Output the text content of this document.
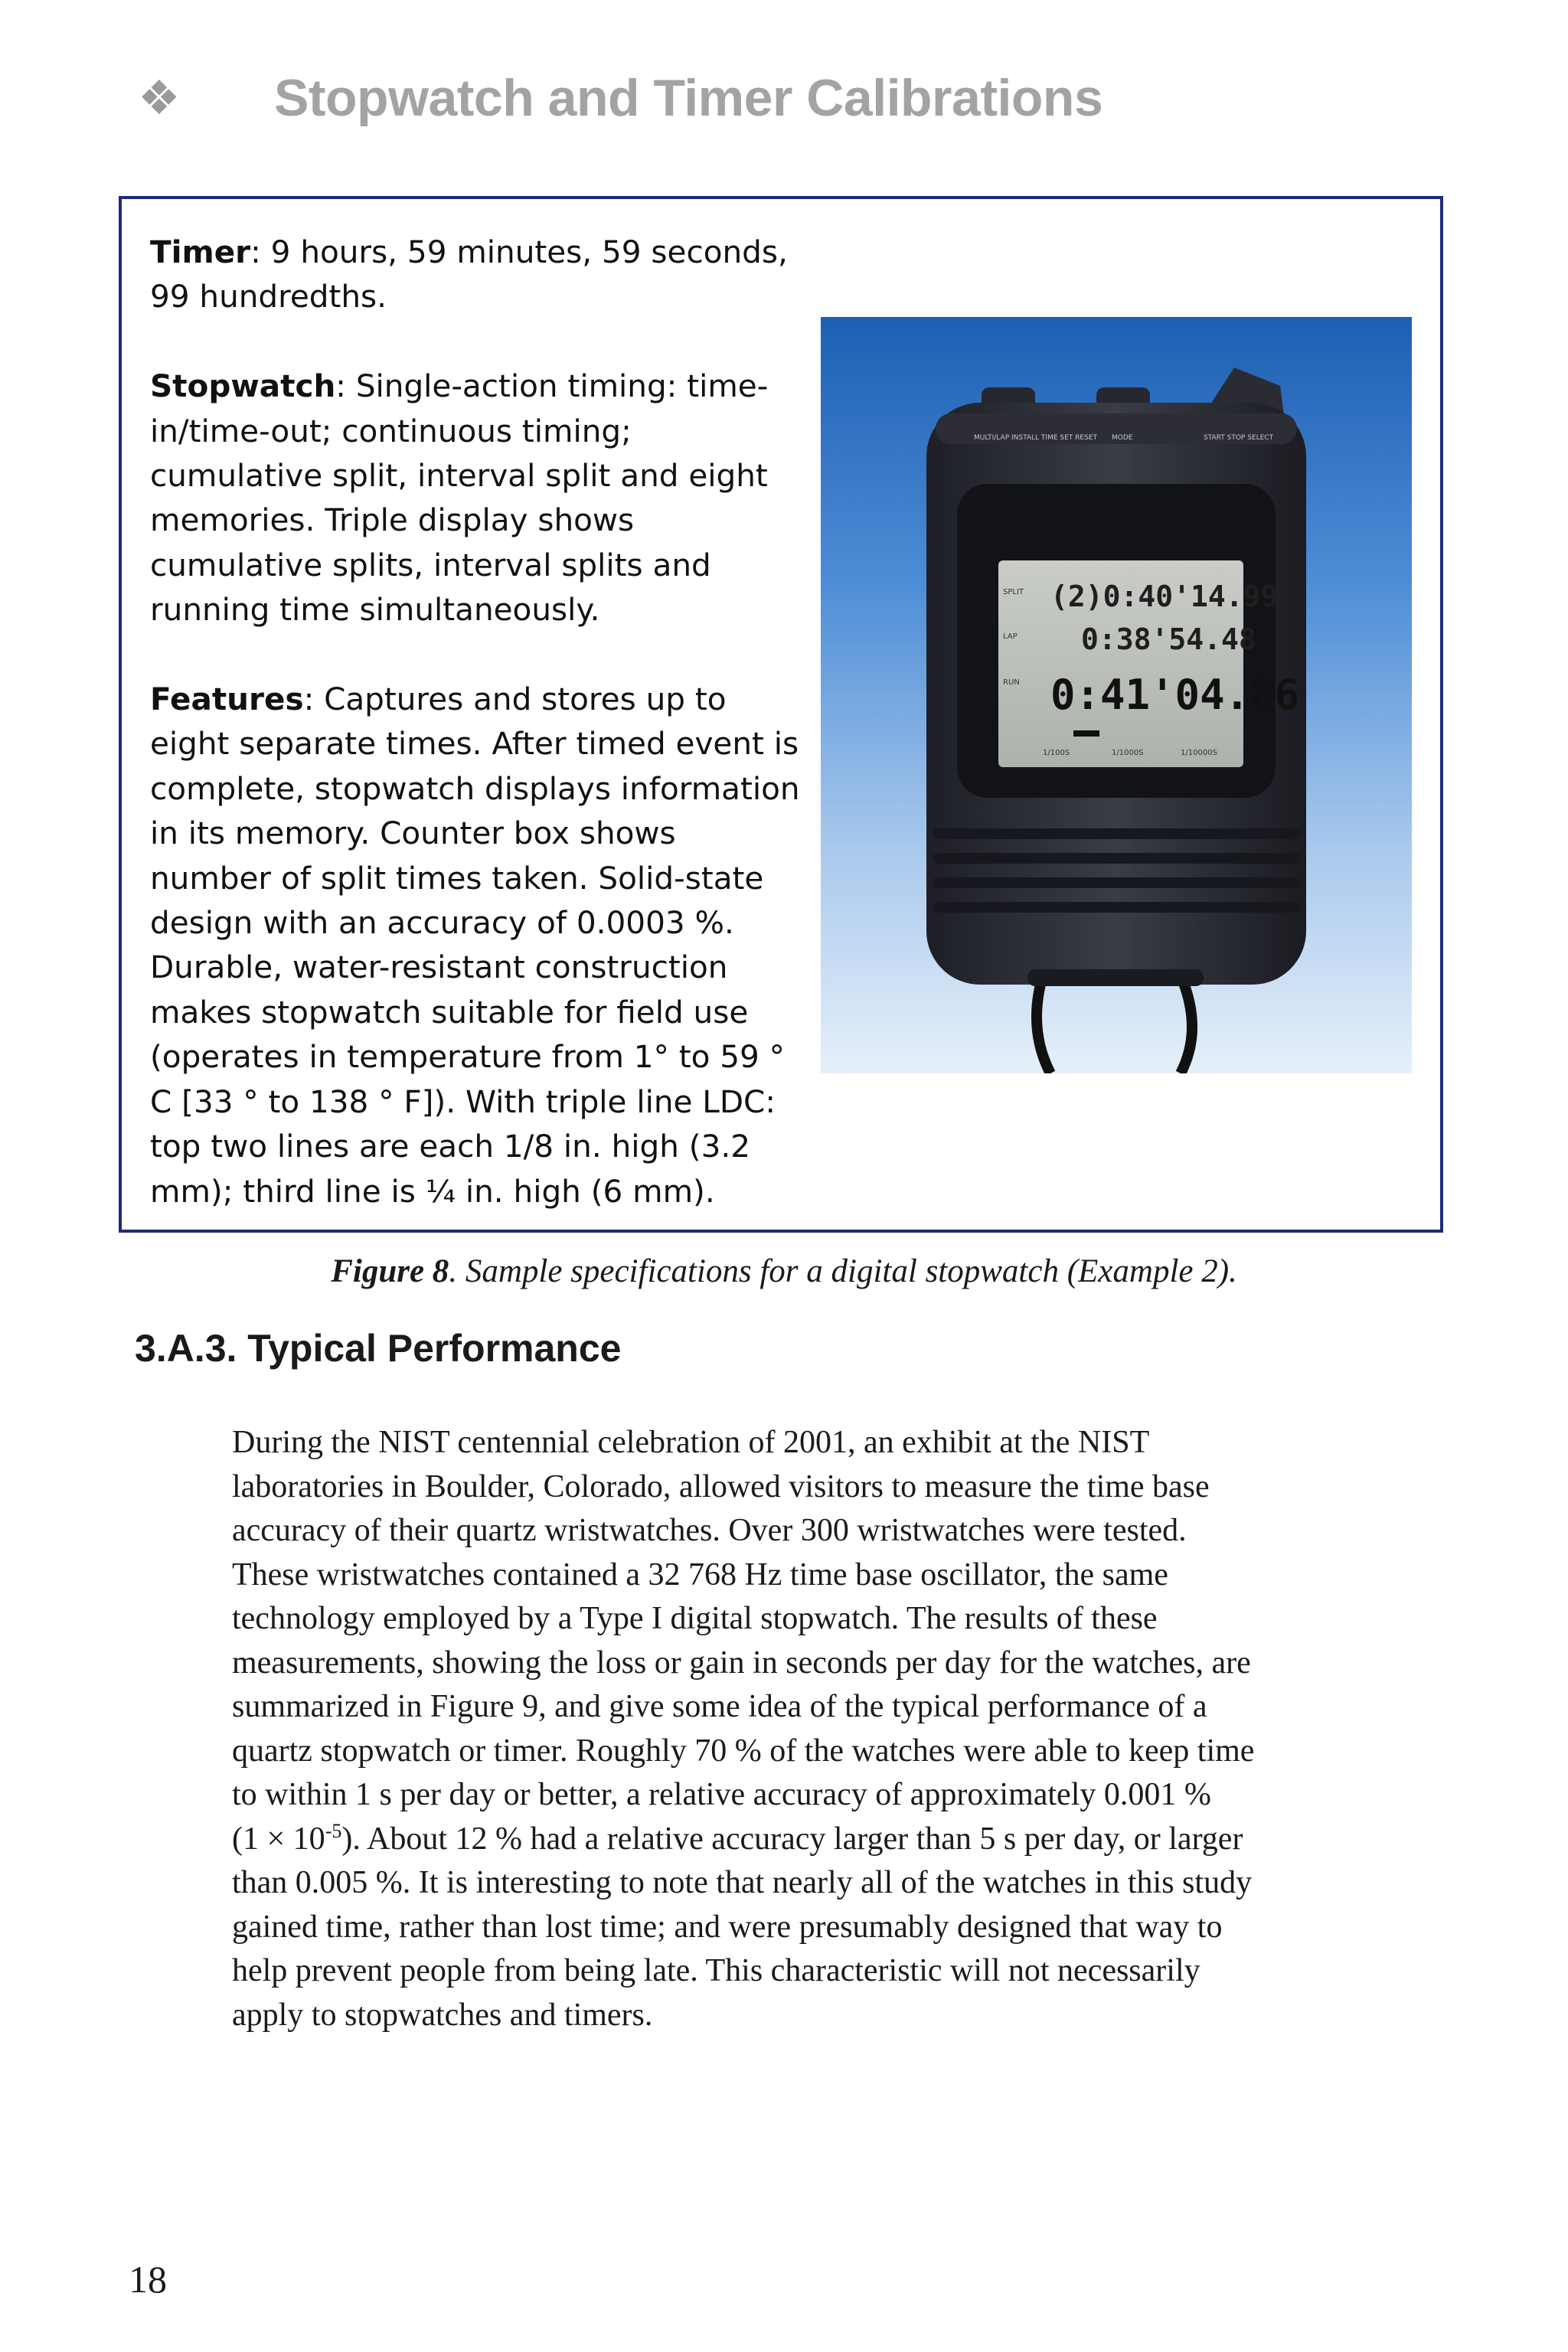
❖	Stopwatch and Timer Calibrations

Timer: 9 hours, 59 minutes, 59 seconds, 99 hundredths.

Stopwatch: Single-action timing: time-in/time-out; continuous timing; cumulative split, interval split and eight memories. Triple display shows cumulative splits, interval splits and running time simultaneously.

Features: Captures and stores up to eight separate times. After timed event is complete, stopwatch displays information in its memory. Counter box shows number of split times taken. Solid-state design with an accuracy of 0.0003 %. Durable, water-resistant construction makes stopwatch suitable for field use (operates in temperature from 1° to 59 ° C [33 ° to 138 ° F]). With triple line LDC: top two lines are each 1/8 in. high (3.2 mm); third line is ¼ in. high (6 mm).

MULTI/LAP INSTALL TIME SET RESET MODE	START STOP SELECT
SPLIT (2)0:40'14.99
LAP 0:38'54.48
RUN 0:41'04.86
1/100S	1/1000S	1/10000S
Figure 8. Sample specifications for a digital stopwatch (Example 2).
3.A.3. Typical Performance
During the NIST centennial celebration of 2001, an exhibit at the NIST
laboratories in Boulder, Colorado, allowed visitors to measure the time base
accuracy of their quartz wristwatches. Over 300 wristwatches were tested.
These wristwatches contained a 32 768 Hz time base oscillator, the same
technology employed by a Type I digital stopwatch. The results of these
measurements, showing the loss or gain in seconds per day for the watches, are
summarized in Figure 9, and give some idea of the typical performance of a
quartz stopwatch or timer. Roughly 70 % of the watches were able to keep time
to within 1 s per day or better, a relative accuracy of approximately 0.001 %
$(1 \times 10^{-5})$. About 12 % had a relative accuracy larger than 5 s per day, or larger
than 0.005 %. It is interesting to note that nearly all of the watches in this study
gained time, rather than lost time; and were presumably designed that way to
help prevent people from being late. This characteristic will not necessarily
apply to stopwatches and timers.
18
